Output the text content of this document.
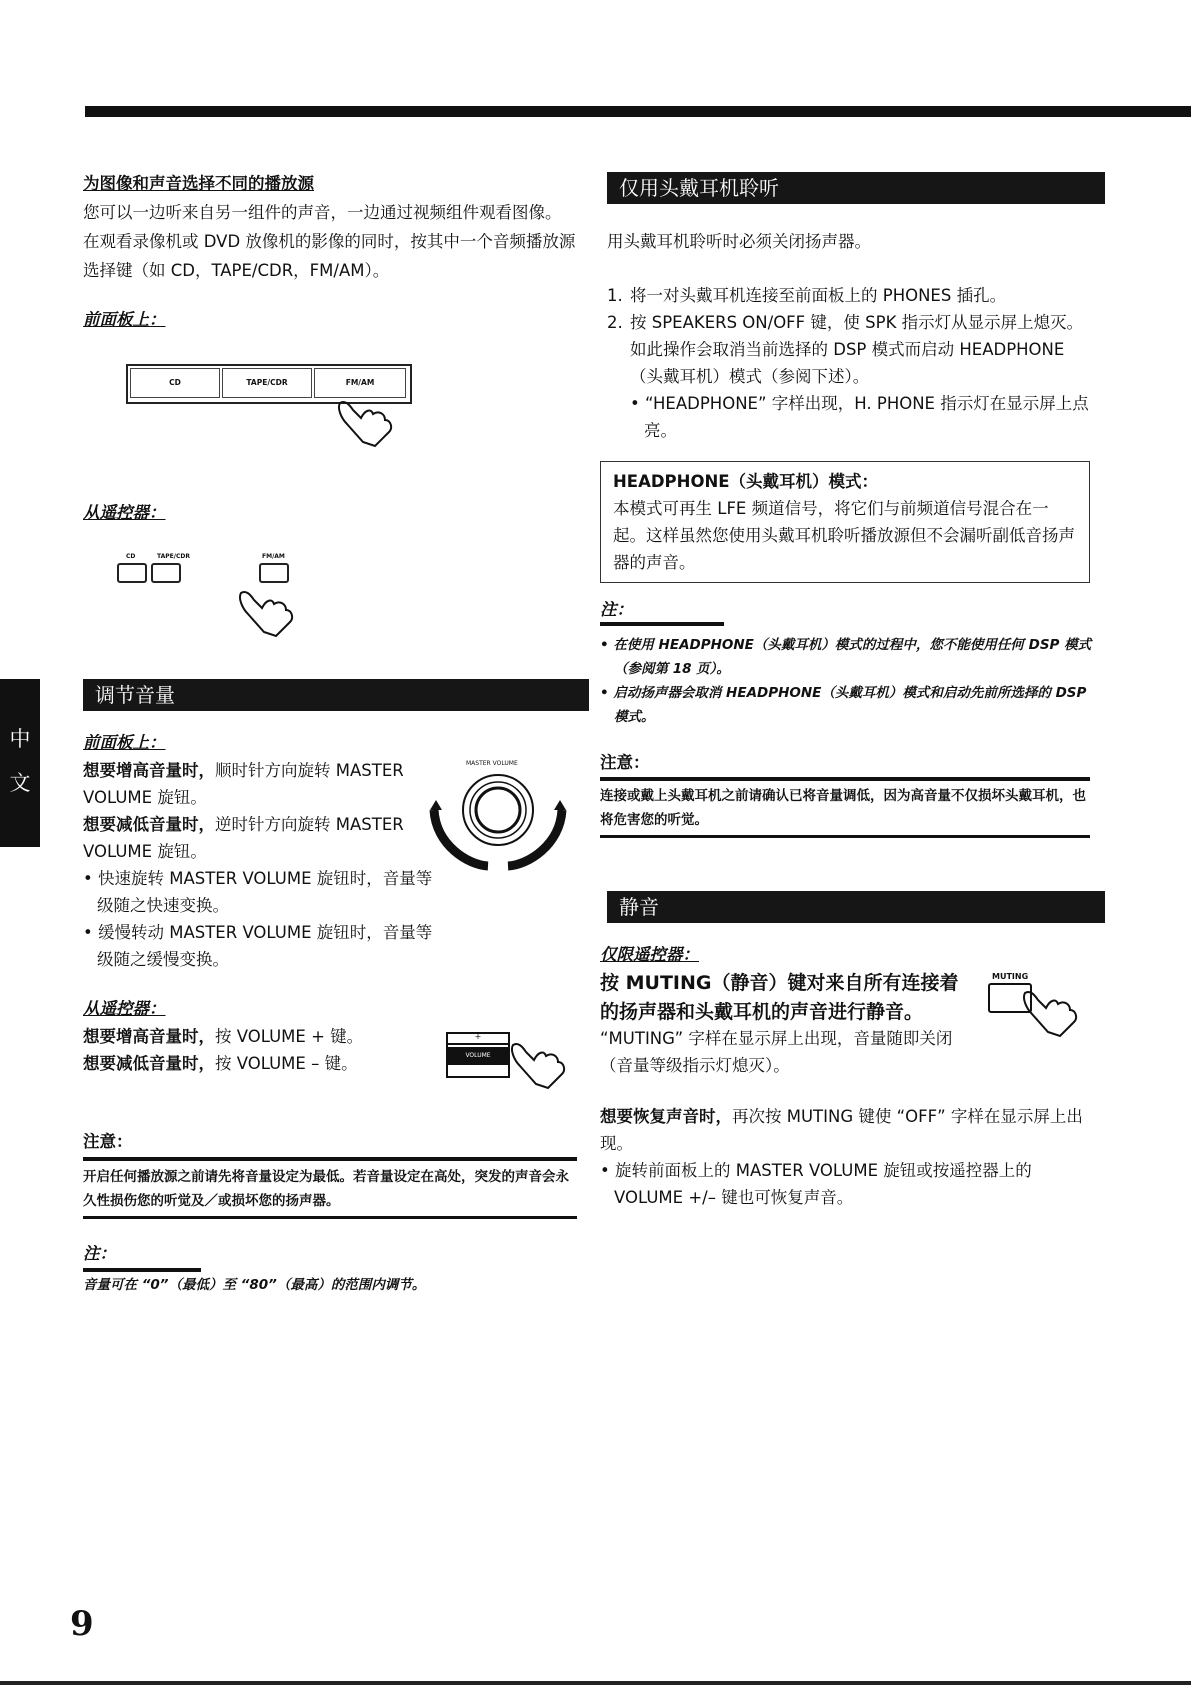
中
文
为图像和声音选择不同的播放源

您可以一边听来自另一组件的声音，一边通过视频组件观看图像。在观看录像机或 DVD 放像机的影像的同时，按其中一个音频播放源选择键（如 CD，TAPE/CDR，FM/AM）。

前面板上：
CD	TAPE/CDR	FM/AM
从遥控器：
CD	TAPE/CDR	FM/AM
调节音量
前面板上：

想要增高音量时，顺时针方向旋转 MASTER VOLUME 旋钮。

想要减低音量时，逆时针方向旋转 MASTER VOLUME 旋钮。

• 快速旋转 MASTER VOLUME 旋钮时，音量等级随之快速变换。

• 缓慢转动 MASTER VOLUME 旋钮时，音量等级随之缓慢变换。

MASTER VOLUME
从遥控器：

想要增高音量时，按 VOLUME + 键。

想要减低音量时，按 VOLUME – 键。

+
VOLUME
注意：

开启任何播放源之前请先将音量设定为最低。若音量设定在高处，突发的声音会永久性损伤您的听觉及／或损坏您的扬声器。

注：

音量可在 “0”（最低）至 “80”（最高）的范围内调节。

仅用头戴耳机聆听

用头戴耳机聆听时必须关闭扬声器。

1. 将一对头戴耳机连接至前面板上的 PHONES 插孔。

2. 按 SPEAKERS ON/OFF 键，使 SPK 指示灯从显示屏上熄灭。如此操作会取消当前选择的 DSP 模式而启动 HEADPHONE（头戴耳机）模式（参阅下述）。

• “HEADPHONE” 字样出现，H. PHONE 指示灯在显示屏上点亮。

HEADPHONE（头戴耳机）模式：

本模式可再生 LFE 频道信号，将它们与前频道信号混合在一起。这样虽然您使用头戴耳机聆听播放源但不会漏听副低音扬声器的声音。

注：

• 在使用 HEADPHONE（头戴耳机）模式的过程中，您不能使用任何 DSP 模式（参阅第 18 页）。

• 启动扬声器会取消 HEADPHONE（头戴耳机）模式和启动先前所选择的 DSP 模式。

注意：

连接或戴上头戴耳机之前请确认已将音量调低，因为高音量不仅损坏头戴耳机，也将危害您的听觉。

静音
仅限遥控器：

按 MUTING（静音）键对来自所有连接着的扬声器和头戴耳机的声音进行静音。

“MUTING” 字样在显示屏上出现，音量随即关闭（音量等级指示灯熄灭）。

MUTING

想要恢复声音时，再次按 MUTING 键使 “OFF” 字样在显示屏上出现。

• 旋转前面板上的 MASTER VOLUME 旋钮或按遥控器上的 VOLUME +/– 键也可恢复声音。

9
